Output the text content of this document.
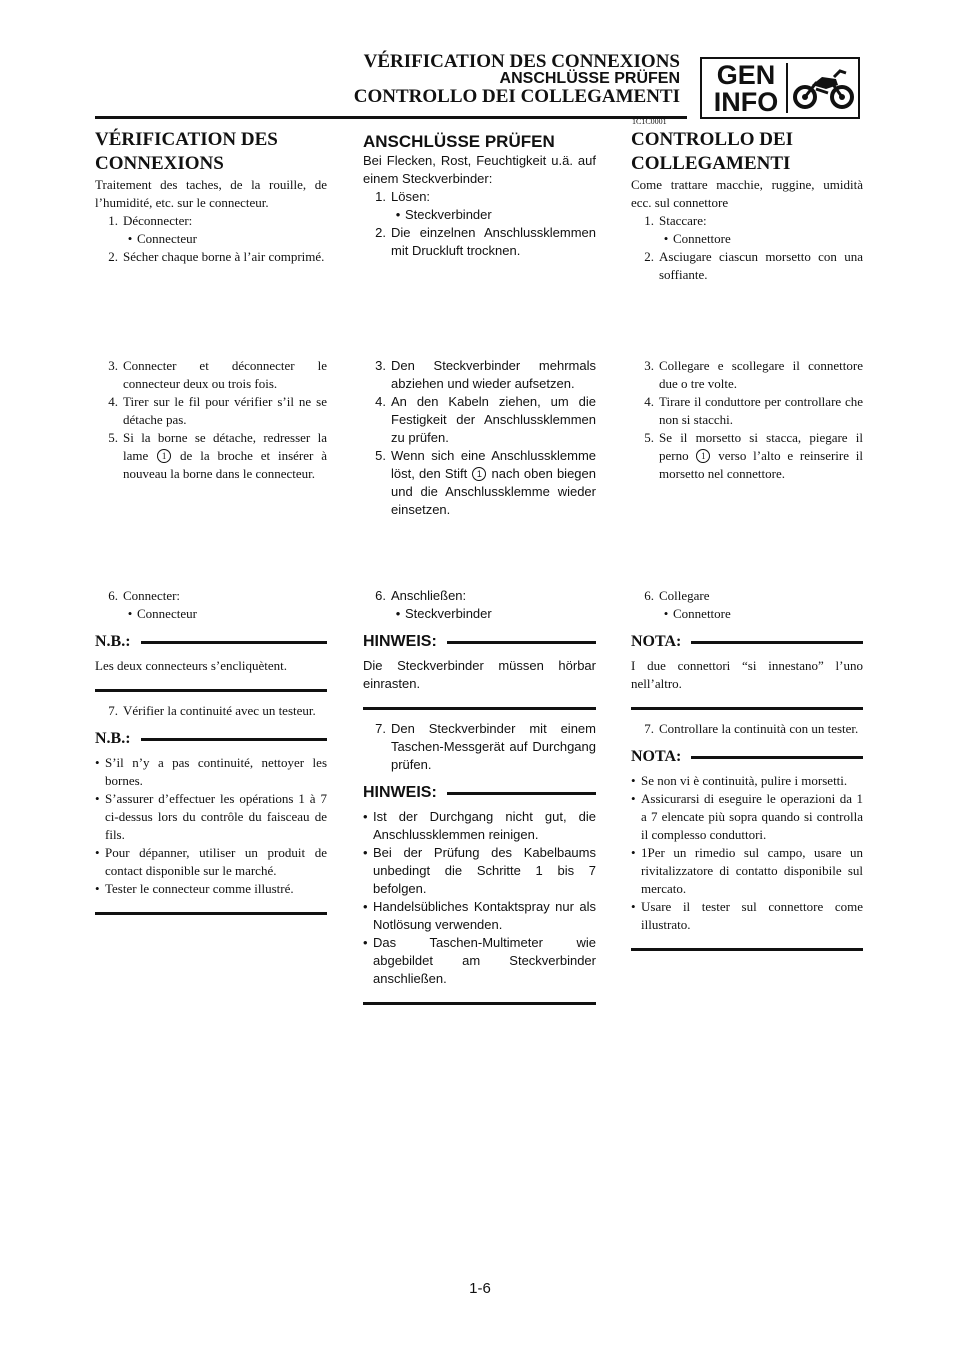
VÉRIFICATION DES CONNEXIONS
ANSCHLÜSSE PRÜFEN
CONTROLLO DEI COLLEGAMENTI
GEN
INFO
1C1C0001

VÉRIFICATION DES CONNEXIONS

Traitement des taches, de la rouille, de l’humidité, etc. sur le connecteur.

1. Déconnecter:
• Connecteur
2. Sécher chaque borne à l’air comprimé.
3. Connecter et déconnecter le connecteur deux ou trois fois.
4. Tirer sur le fil pour vérifier s’il ne se détache pas.
5. Si la borne se détache, redresser la lame 1 de la broche et insérer à nouveau la borne dans le connecteur.
6. Connecter:
• Connecteur
N.B.:

Les deux connecteurs s’encliquètent.

7. Vérifier la continuité avec un testeur.
N.B.:
• S’il n’y a pas continuité, nettoyer les bornes.
• S’assurer d’effectuer les opérations 1 à 7 ci-dessus lors du contrôle du faisceau de fils.
• Pour dépanner, utiliser un produit de contact disponible sur le marché.
• Tester le connecteur comme illustré.

ANSCHLÜSSE PRÜFEN

Bei Flecken, Rost, Feuchtigkeit u.ä. auf einem Steckverbinder:

1. Lösen:
• Steckverbinder
2. Die einzelnen Anschlussklemmen mit Druckluft trocknen.
3. Den Steckverbinder mehrmals abziehen und wieder aufsetzen.
4. An den Kabeln ziehen, um die Festigkeit der Anschlussklemmen zu prüfen.
5. Wenn sich eine Anschlussklemme löst, den Stift 1 nach oben biegen und die Anschlussklemme wieder einsetzen.
6. Anschließen:
• Steckverbinder
HINWEIS:

Die Steckverbinder müssen hörbar einrasten.

7. Den Steckverbinder mit einem Taschen-Messgerät auf Durchgang prüfen.
HINWEIS:
• Ist der Durchgang nicht gut, die Anschlussklemmen reinigen.
• Bei der Prüfung des Kabelbaums unbedingt die Schritte 1 bis 7 befolgen.
• Handelsübliches Kontaktspray nur als Notlösung verwenden.
• Das Taschen-Multimeter wie abgebildet am Steckverbinder anschließen.

CONTROLLO DEI COLLEGAMENTI

Come trattare macchie, ruggine, umidità ecc. sul connettore

1. Staccare:
• Connettore
2. Asciugare ciascun morsetto con una soffiante.
3. Collegare e scollegare il connettore due o tre volte.
4. Tirare il conduttore per controllare che non si stacchi.
5. Se il morsetto si stacca, piegare il perno 1 verso l’alto e reinserire il morsetto nel connettore.
6. Collegare
• Connettore
NOTA:

I due connettori “si innestano” l’uno nell’altro.

7. Controllare la continuità con un tester.
NOTA:
• Se non vi è continuità, pulire i morsetti.
• Assicurarsi di eseguire le operazioni da 1 a 7 elencate più sopra quando si controlla il complesso conduttori.
• 1Per un rimedio sul campo, usare un rivitalizzatore di contatto disponibile sul mercato.
• Usare il tester sul connettore come illustrato.
1-6
